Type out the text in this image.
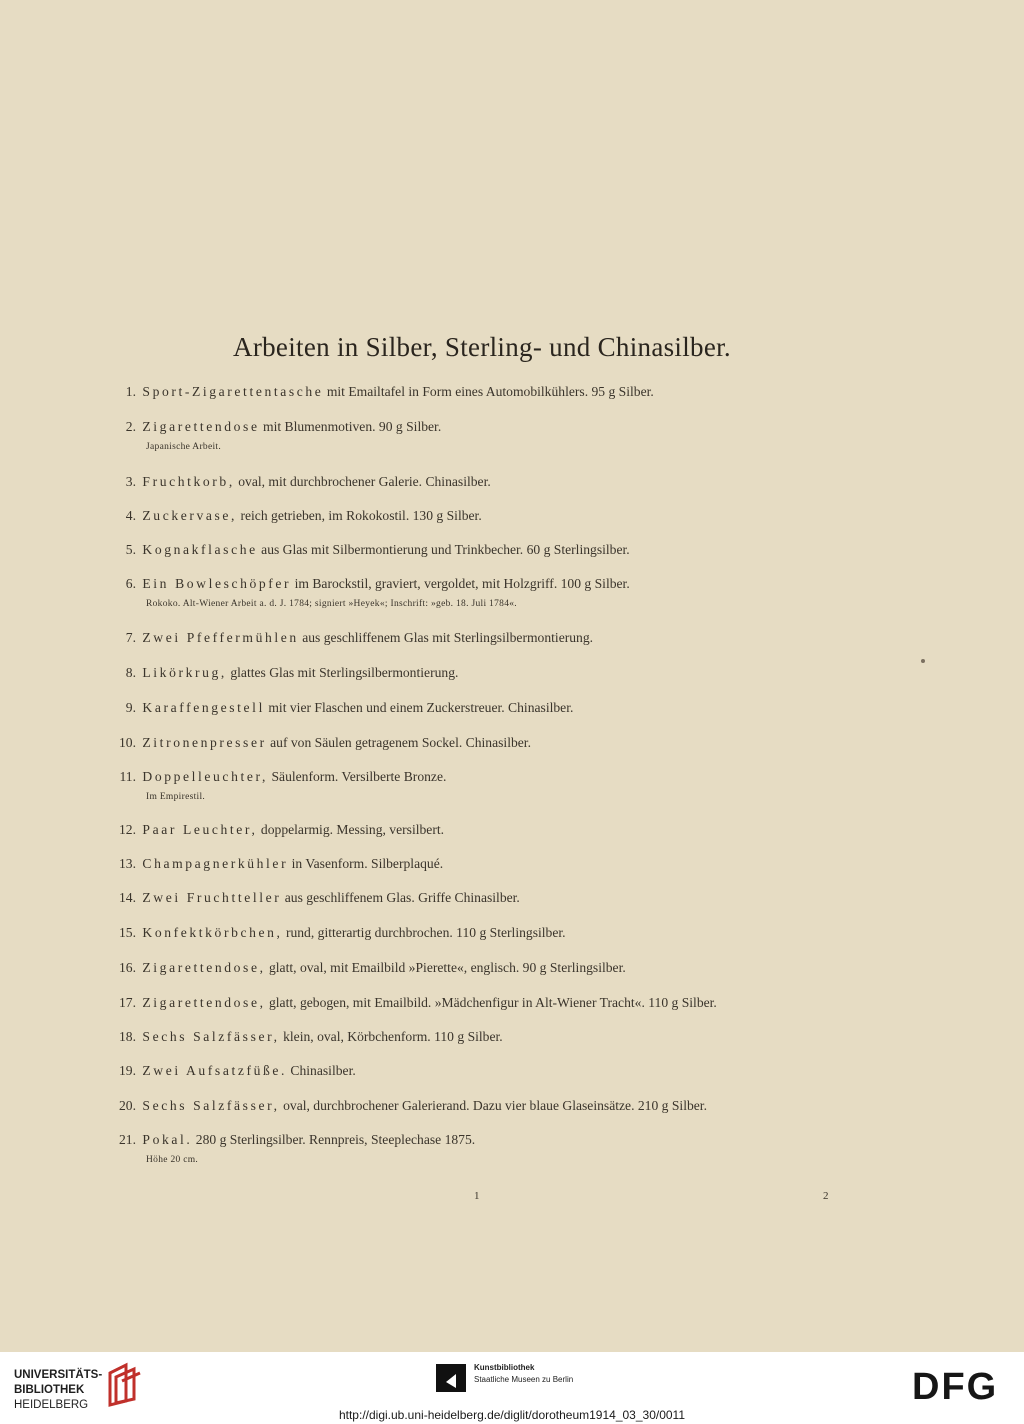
Arbeiten in Silber, Sterling- und Chinasilber.
1. Sport-Zigarettentasche mit Emailtafel in Form eines Automobilkühlers. 95 g Silber.
2. Zigarettendose mit Blumenmotiven. 90 g Silber.
Japanische Arbeit.
3. Fruchtkorb, oval, mit durchbrochener Galerie. Chinasilber.
4. Zuckervase, reich getrieben, im Rokokostil. 130 g Silber.
5. Kognakflasche aus Glas mit Silbermontierung und Trinkbecher. 60 g Sterlingsilber.
6. Ein Bowleschöpfer im Barockstil, graviert, vergoldet, mit Holzgriff. 100 g Silber.
Rokoko. Alt-Wiener Arbeit a. d. J. 1784; signiert »Heyek«; Inschrift: »geb. 18. Juli 1784«.
7. Zwei Pfeffermühlen aus geschliffenem Glas mit Sterlingsilbermontierung.
8. Likörkrug, glattes Glas mit Sterlingsilbermontierung.
9. Karaffengestell mit vier Flaschen und einem Zuckerstreuer. Chinasilber.
10. Zitronenpresser auf von Säulen getragenem Sockel. Chinasilber.
11. Doppelleuchter, Säulenform. Versilberte Bronze.
Im Empirestil.
12. Paar Leuchter, doppelarmig. Messing, versilbert.
13. Champagnerkühler in Vasenform. Silberplaqué.
14. Zwei Fruchtteller aus geschliffenem Glas. Griffe Chinasilber.
15. Konfektkörbchen, rund, gitterartig durchbrochen. 110 g Sterlingsilber.
16. Zigarettendose, glatt, oval, mit Emailbild »Pierette«, englisch. 90 g Sterlingsilber.
17. Zigarettendose, glatt, gebogen, mit Emailbild. »Mädchenfigur in Alt-Wiener Tracht«. 110 g Silber.
18. Sechs Salzfässer, klein, oval, Körbchenform. 110 g Silber.
19. Zwei Aufsatzfüße. Chinasilber.
20. Sechs Salzfässer, oval, durchbrochener Galerierand. Dazu vier blaue Glaseinsätze. 210 g Silber.
21. Pokal. 280 g Sterlingsilber. Rennpreis, Steeplechase 1875.
Höhe 20 cm.
1	2
UNIVERSITÄTS-
BIBLIOTHEK
HEIDELBERG
Kunstbibliothek
Staatliche Museen zu Berlin	DFG
http://digi.ub.uni-heidelberg.de/diglit/dorotheum1914_03_30/0011
